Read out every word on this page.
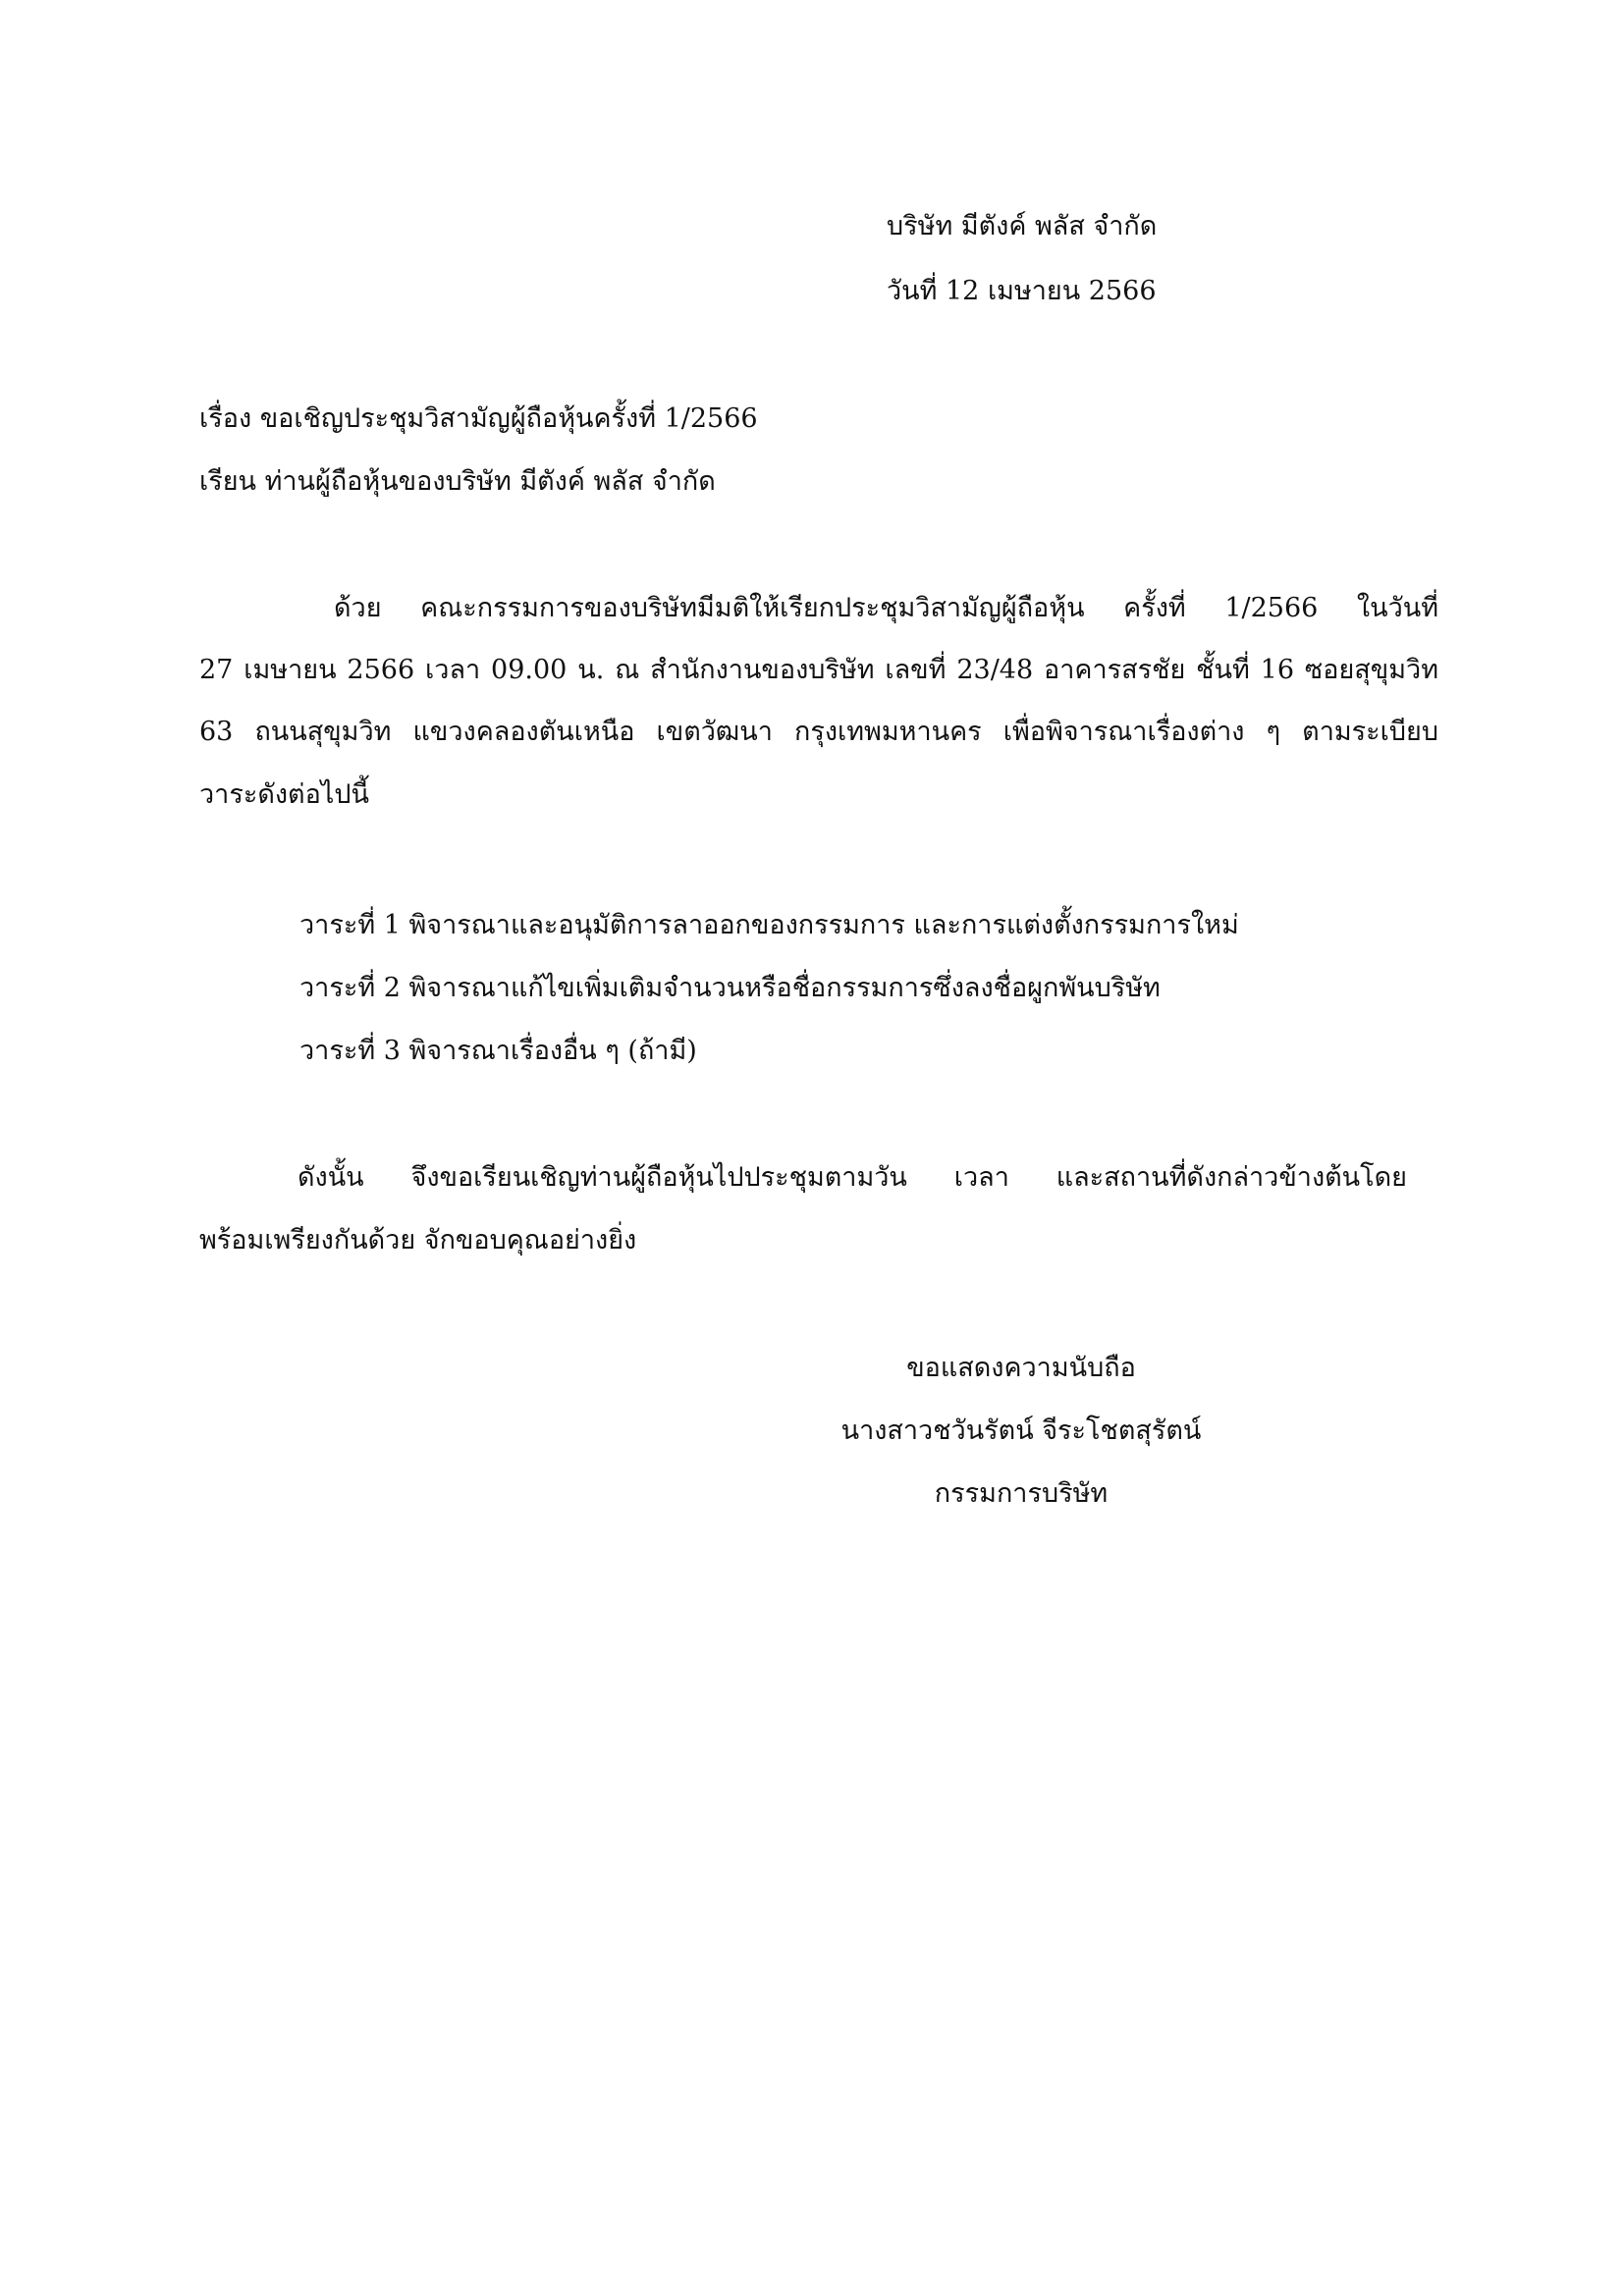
บริษัท มีตังค์ พลัส จำกัด
วันที่ 12 เมษายน 2566
เรื่อง ขอเชิญประชุมวิสามัญผู้ถือหุ้นครั้งที่ 1/2566
เรียน ท่านผู้ถือหุ้นของบริษัท มีตังค์ พลัส จำกัด
ด้วย คณะกรรมการของบริษัทมีมติให้เรียกประชุมวิสามัญผู้ถือหุ้น ครั้งที่ 1/2566 ในวันที่
27 เมษายน 2566 เวลา 09.00 น. ณ สำนักงานของบริษัท เลขที่ 23/48 อาคารสรชัย ชั้นที่ 16 ซอยสุขุมวิท
63 ถนนสุขุมวิท แขวงคลองตันเหนือ เขตวัฒนา กรุงเทพมหานคร เพื่อพิจารณาเรื่องต่าง ๆ ตามระเบียบ
วาระดังต่อไปนี้
วาระที่ 1 พิจารณาและอนุมัติการลาออกของกรรมการ และการแต่งตั้งกรรมการใหม่
วาระที่ 2 พิจารณาแก้ไขเพิ่มเติมจำนวนหรือชื่อกรรมการซึ่งลงชื่อผูกพันบริษัท
วาระที่ 3 พิจารณาเรื่องอื่น ๆ (ถ้ามี)
ดังนั้น จึงขอเรียนเชิญท่านผู้ถือหุ้นไปประชุมตามวัน เวลา และสถานที่ดังกล่าวข้างต้นโดย
พร้อมเพรียงกันด้วย จักขอบคุณอย่างยิ่ง
ขอแสดงความนับถือ
นางสาวชวันรัตน์ จีระโชตสุรัตน์
กรรมการบริษัท
